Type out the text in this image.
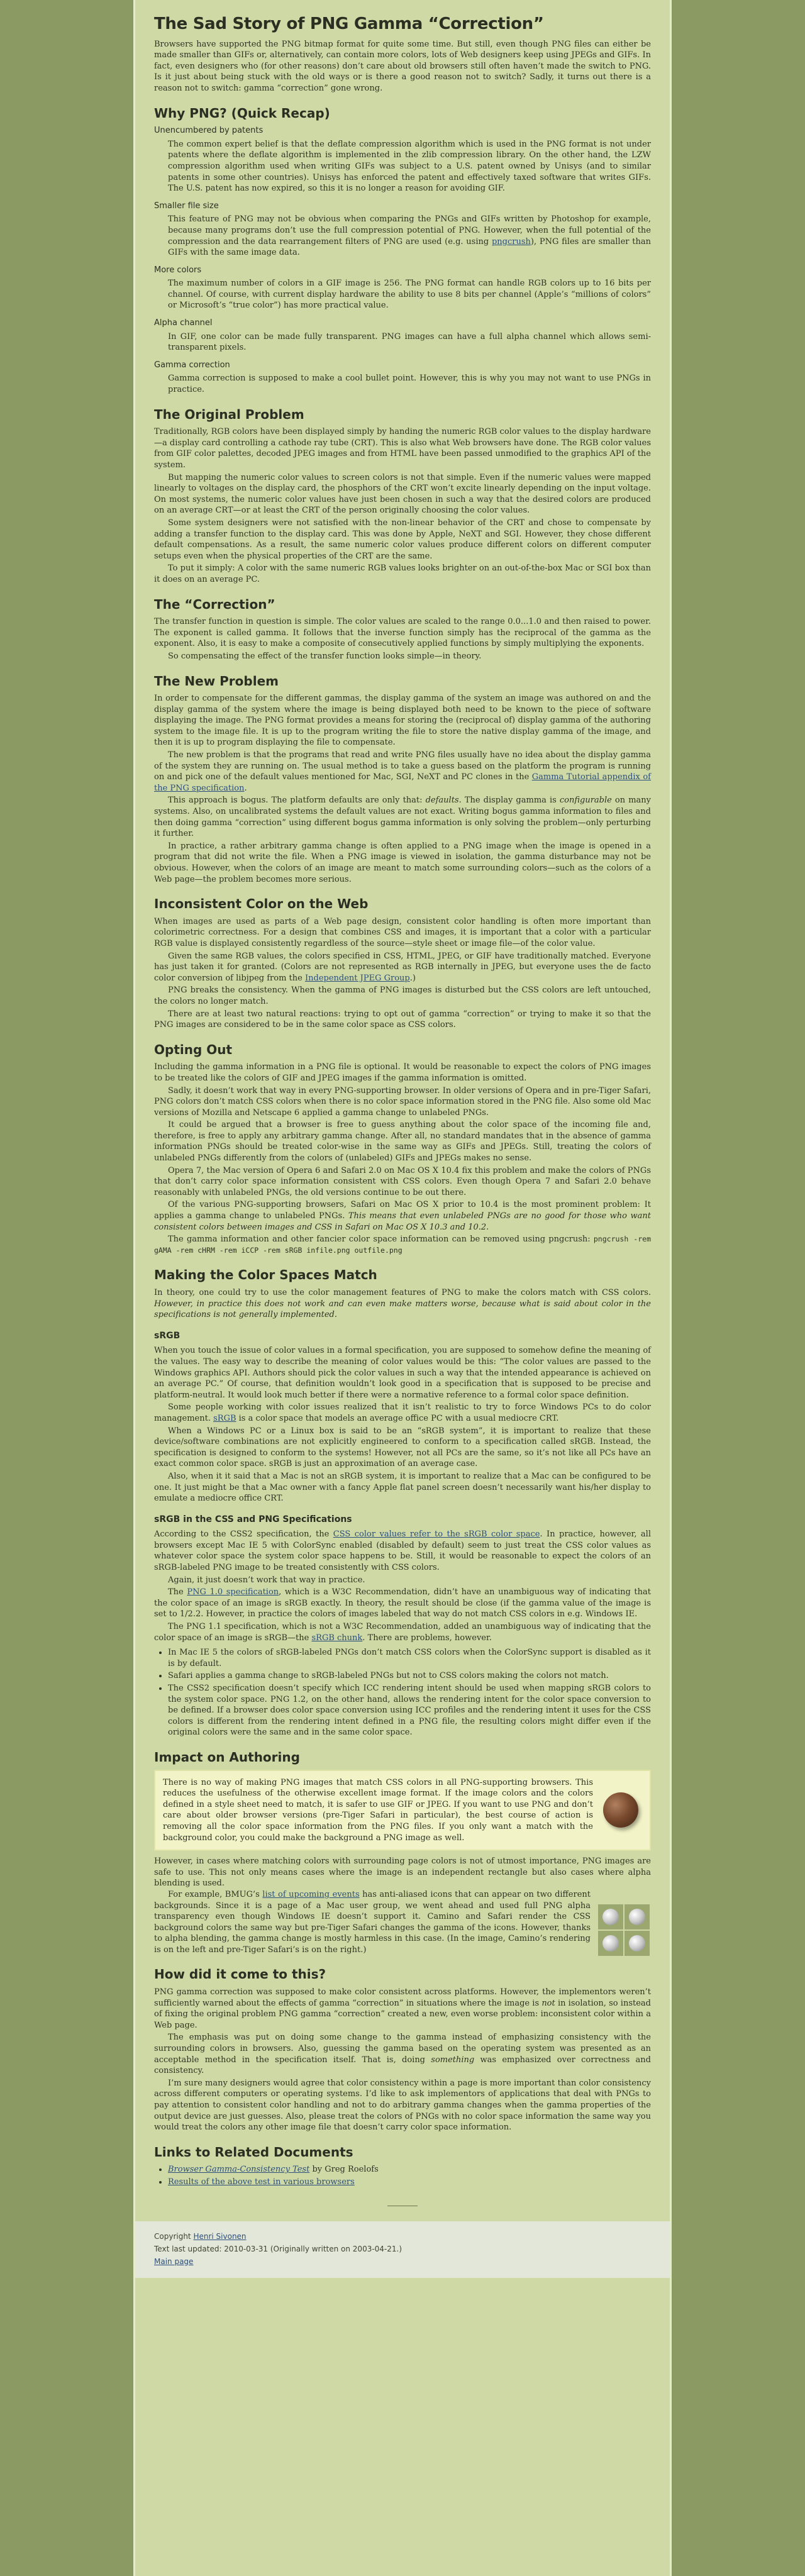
The Sad Story of PNG Gamma “Correction”

Browsers have supported the PNG bitmap format for quite some time. But still, even though PNG files can either be made smaller than GIFs or, alternatively, can contain more colors, lots of Web designers keep using JPEGs and GIFs. In fact, even designers who (for other reasons) don’t care about old browsers still often haven’t made the switch to PNG. Is it just about being stuck with the old ways or is there a good reason not to switch? Sadly, it turns out there is a reason not to switch: gamma “correction” gone wrong.

Why PNG? (Quick Recap)
Unencumbered by patents

The common expert belief is that the deflate compression algorithm which is used in the PNG format is not under patents where the deflate algorithm is implemented in the zlib compression library. On the other hand, the LZW compression algorithm used when writing GIFs was subject to a U.S. patent owned by Unisys (and to similar patents in some other countries). Unisys has enforced the patent and effectively taxed software that writes GIFs. The U.S. patent has now expired, so this it is no longer a reason for avoiding GIF.

Smaller file size

This feature of PNG may not be obvious when comparing the PNGs and GIFs written by Photoshop for example, because many programs don’t use the full compression potential of PNG. However, when the full potential of the compression and the data rearrangement filters of PNG are used (e.g. using pngcrush), PNG files are smaller than GIFs with the same image data.

More colors

The maximum number of colors in a GIF image is 256. The PNG format can handle RGB colors up to 16 bits per channel. Of course, with current display hardware the ability to use 8 bits per channel (Apple’s “millions of colors” or Microsoft’s “true color”) has more practical value.

Alpha channel

In GIF, one color can be made fully transparent. PNG images can have a full alpha channel which allows semi-transparent pixels.

Gamma correction

Gamma correction is supposed to make a cool bullet point. However, this is why you may not want to use PNGs in practice.

The Original Problem

Traditionally, RGB colors have been displayed simply by handing the numeric RGB color values to the display hardware—a display card controlling a cathode ray tube (CRT). This is also what Web browsers have done. The RGB color values from GIF color palettes, decoded JPEG images and from HTML have been passed unmodified to the graphics API of the system.

But mapping the numeric color values to screen colors is not that simple. Even if the numeric values were mapped linearly to voltages on the display card, the phosphors of the CRT won’t excite linearly depending on the input voltage. On most systems, the numeric color values have just been chosen in such a way that the desired colors are produced on an average CRT—or at least the CRT of the person originally choosing the color values.

Some system designers were not satisfied with the non-linear behavior of the CRT and chose to compensate by adding a transfer function to the display card. This was done by Apple, NeXT and SGI. However, they chose different default compensations. As a result, the same numeric color values produce different colors on different computer setups even when the physical properties of the CRT are the same.

To put it simply: A color with the same numeric RGB values looks brighter on an out-of-the-box Mac or SGI box than it does on an average PC.

The “Correction”

The transfer function in question is simple. The color values are scaled to the range 0.0...1.0 and then raised to power. The exponent is called gamma. It follows that the inverse function simply has the reciprocal of the gamma as the exponent. Also, it is easy to make a composite of consecutively applied functions by simply multiplying the exponents.

So compensating the effect of the transfer function looks simple—in theory.

The New Problem

In order to compensate for the different gammas, the display gamma of the system an image was authored on and the display gamma of the system where the image is being displayed both need to be known to the piece of software displaying the image. The PNG format provides a means for storing the (reciprocal of) display gamma of the authoring system to the image file. It is up to the program writing the file to store the native display gamma of the image, and then it is up to program displaying the file to compensate.

The new problem is that the programs that read and write PNG files usually have no idea about the display gamma of the system they are running on. The usual method is to take a guess based on the platform the program is running on and pick one of the default values mentioned for Mac, SGI, NeXT and PC clones in the Gamma Tutorial appendix of the PNG specification.

This approach is bogus. The platform defaults are only that: defaults. The display gamma is configurable on many systems. Also, on uncalibrated systems the default values are not exact. Writing bogus gamma information to files and then doing gamma “correction” using different bogus gamma information is only solving the problem—only perturbing it further.

In practice, a rather arbitrary gamma change is often applied to a PNG image when the image is opened in a program that did not write the file. When a PNG image is viewed in isolation, the gamma disturbance may not be obvious. However, when the colors of an image are meant to match some surrounding colors—such as the colors of a Web page—the problem becomes more serious.

Inconsistent Color on the Web

When images are used as parts of a Web page design, consistent color handling is often more important than colorimetric correctness. For a design that combines CSS and images, it is important that a color with a particular RGB value is displayed consistently regardless of the source—style sheet or image file—of the color value.

Given the same RGB values, the colors specified in CSS, HTML, JPEG, or GIF have traditionally matched. Everyone has just taken it for granted. (Colors are not represented as RGB internally in JPEG, but everyone uses the de facto color conversion of libjpeg from the Independent JPEG Group.)

PNG breaks the consistency. When the gamma of PNG images is disturbed but the CSS colors are left untouched, the colors no longer match.

There are at least two natural reactions: trying to opt out of gamma “correction” or trying to make it so that the PNG images are considered to be in the same color space as CSS colors.

Opting Out

Including the gamma information in a PNG file is optional. It would be reasonable to expect the colors of PNG images to be treated like the colors of GIF and JPEG images if the gamma information is omitted.

Sadly, it doesn’t work that way in every PNG-supporting browser. In older versions of Opera and in pre-Tiger Safari, PNG colors don’t match CSS colors when there is no color space information stored in the PNG file. Also some old Mac versions of Mozilla and Netscape 6 applied a gamma change to unlabeled PNGs.

It could be argued that a browser is free to guess anything about the color space of the incoming file and, therefore, is free to apply any arbitrary gamma change. After all, no standard mandates that in the absence of gamma information PNGs should be treated color-wise in the same way as GIFs and JPEGs. Still, treating the colors of unlabeled PNGs differently from the colors of (unlabeled) GIFs and JPEGs makes no sense.

Opera 7, the Mac version of Opera 6 and Safari 2.0 on Mac OS X 10.4 fix this problem and make the colors of PNGs that don’t carry color space information consistent with CSS colors. Even though Opera 7 and Safari 2.0 behave reasonably with unlabeled PNGs, the old versions continue to be out there.

Of the various PNG-supporting browsers, Safari on Mac OS X prior to 10.4 is the most prominent problem: It applies a gamma change to unlabeled PNGs. This means that even unlabeled PNGs are no good for those who want consistent colors between images and CSS in Safari on Mac OS X 10.3 and 10.2.

The gamma information and other fancier color space information can be removed using pngcrush: pngcrush -rem gAMA -rem cHRM -rem iCCP -rem sRGB infile.png outfile.png

Making the Color Spaces Match

In theory, one could try to use the color management features of PNG to make the colors match with CSS colors. However, in practice this does not work and can even make matters worse, because what is said about color in the specifications is not generally implemented.

sRGB

When you touch the issue of color values in a formal specification, you are supposed to somehow define the meaning of the values. The easy way to describe the meaning of color values would be this: “The color values are passed to the Windows graphics API. Authors should pick the color values in such a way that the intended appearance is achieved on an average PC.” Of course, that definition wouldn’t look good in a specification that is supposed to be precise and platform-neutral. It would look much better if there were a normative reference to a formal color space definition.

Some people working with color issues realized that it isn’t realistic to try to force Windows PCs to do color management. sRGB is a color space that models an average office PC with a usual mediocre CRT.

When a Windows PC or a Linux box is said to be an “sRGB system”, it is important to realize that these device/software combinations are not explicitly engineered to conform to a specification called sRGB. Instead, the specification is designed to conform to the systems! However, not all PCs are the same, so it’s not like all PCs have an exact common color space. sRGB is just an approximation of an average case.

Also, when it it said that a Mac is not an sRGB system, it is important to realize that a Mac can be configured to be one. It just might be that a Mac owner with a fancy Apple flat panel screen doesn’t necessarily want his/her display to emulate a mediocre office CRT.

sRGB in the CSS and PNG Specifications

According to the CSS2 specification, the CSS color values refer to the sRGB color space. In practice, however, all browsers except Mac IE 5 with ColorSync enabled (disabled by default) seem to just treat the CSS color values as whatever color space the system color space happens to be. Still, it would be reasonable to expect the colors of an sRGB-labeled PNG image to be treated consistently with CSS colors.

Again, it just doesn’t work that way in practice.

The PNG 1.0 specification, which is a W3C Recommendation, didn’t have an unambiguous way of indicating that the color space of an image is sRGB exactly. In theory, the result should be close (if the gamma value of the image is set to 1/2.2. However, in practice the colors of images labeled that way do not match CSS colors in e.g. Windows IE.

The PNG 1.1 specification, which is not a W3C Recommendation, added an unambiguous way of indicating that the color space of an image is sRGB—the sRGB chunk. There are problems, however.

• In Mac IE 5 the colors of sRGB-labeled PNGs don’t match CSS colors when the ColorSync support is disabled as it is by default.
• Safari applies a gamma change to sRGB-labeled PNGs but not to CSS colors making the colors not match.
• The CSS2 specification doesn’t specify which ICC rendering intent should be used when mapping sRGB colors to the system color space. PNG 1.2, on the other hand, allows the rendering intent for the color space conversion to be defined. If a browser does color space conversion using ICC profiles and the rendering intent it uses for the CSS colors is different from the rendering intent defined in a PNG file, the resulting colors might differ even if the original colors were the same and in the same color space.
Impact on Authoring

There is no way of making PNG images that match CSS colors in all PNG-supporting browsers. This reduces the usefulness of the otherwise excellent image format. If the image colors and the colors defined in a style sheet need to match, it is safer to use GIF or JPEG. If you want to use PNG and don’t care about older browser versions (pre-Tiger Safari in particular), the best course of action is removing all the color space information from the PNG files. If you only want a match with the background color, you could make the background a PNG image as well.

However, in cases where matching colors with surrounding page colors is not of utmost importance, PNG images are safe to use. This not only means cases where the image is an independent rectangle but also cases where alpha blending is used.

For example, BMUG’s list of upcoming events has anti-aliased icons that can appear on two different backgrounds. Since it is a page of a Mac user group, we went ahead and used full PNG alpha transparency even though Windows IE doesn’t support it. Camino and Safari render the CSS background colors the same way but pre-Tiger Safari changes the gamma of the icons. However, thanks to alpha blending, the gamma change is mostly harmless in this case. (In the image, Camino’s rendering is on the left and pre-Tiger Safari’s is on the right.)

How did it come to this?

PNG gamma correction was supposed to make color consistent across platforms. However, the implementors weren’t sufficiently warned about the effects of gamma “correction” in situations where the image is not in isolation, so instead of fixing the original problem PNG gamma “correction” created a new, even worse problem: inconsistent color within a Web page.

The emphasis was put on doing some change to the gamma instead of emphasizing consistency with the surrounding colors in browsers. Also, guessing the gamma based on the operating system was presented as an acceptable method in the specification itself. That is, doing something was emphasized over correctness and consistency.

I’m sure many designers would agree that color consistency within a page is more important than color consistency across different computers or operating systems. I’d like to ask implementors of applications that deal with PNGs to pay attention to consistent color handling and not to do arbitrary gamma changes when the gamma properties of the output device are just guesses. Also, please treat the colors of PNGs with no color space information the same way you would treat the colors any other image file that doesn’t carry color space information.

Links to Related Documents
• Browser Gamma-Consistency Test by Greg Roelofs
• Results of the above test in various browsers
Copyright Henri Sivonen
Text last updated: 2010-03-31 (Originally written on 2003-04-21.)
Main page
